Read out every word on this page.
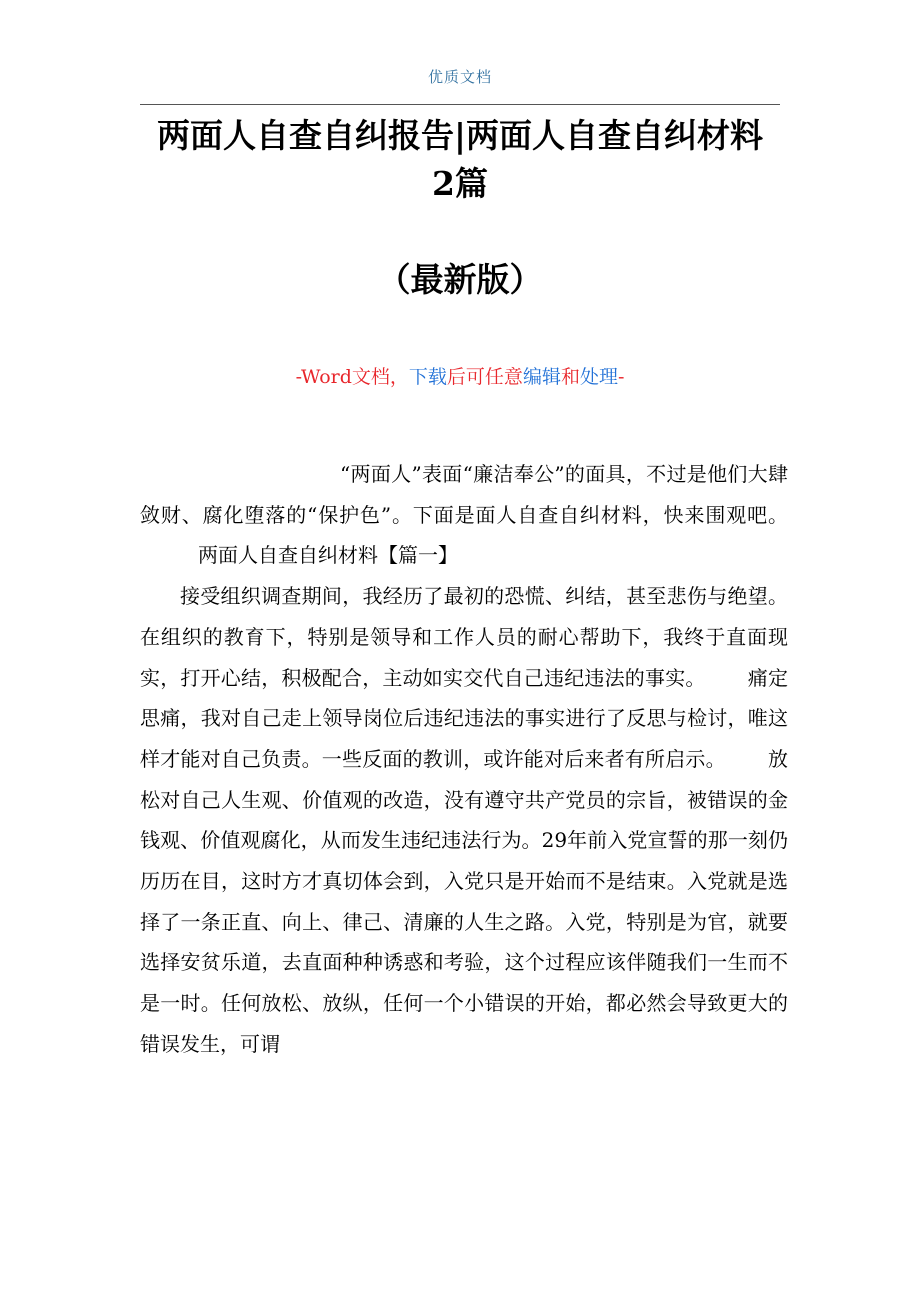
优质文档
两面人自查自纠报告|两面人自查自纠材料
2篇
（最新版）
-Word文档，下载后可任意编辑和处理-

“两面人”表面“廉洁奉公”的面具，不过是他们大肆敛财、腐化堕落的“保护色”。下面是面人自查自纠材料，快来围观吧。两面人自查自纠材料【篇一】

接受组织调查期间，我经历了最初的恐慌、纠结，甚至悲伤与绝望。在组织的教育下，特别是领导和工作人员的耐心帮助下，我终于直面现实，打开心结，积极配合，主动如实交代自己违纪违法的事实。 痛定思痛，我对自己走上领导岗位后违纪违法的事实进行了反思与检讨，唯这样才能对自己负责。一些反面的教训，或许能对后来者有所启示。 放松对自己人生观、价值观的改造，没有遵守共产党员的宗旨，被错误的金钱观、价值观腐化，从而发生违纪违法行为。29年前入党宣誓的那一刻仍历历在目，这时方才真切体会到，入党只是开始而不是结束。入党就是选择了一条正直、向上、律己、清廉的人生之路。入党，特别是为官，就要选择安贫乐道，去直面种种诱惑和考验，这个过程应该伴随我们一生而不是一时。任何放松、放纵，任何一个小错误的开始，都必然会导致更大的错误发生，可谓
